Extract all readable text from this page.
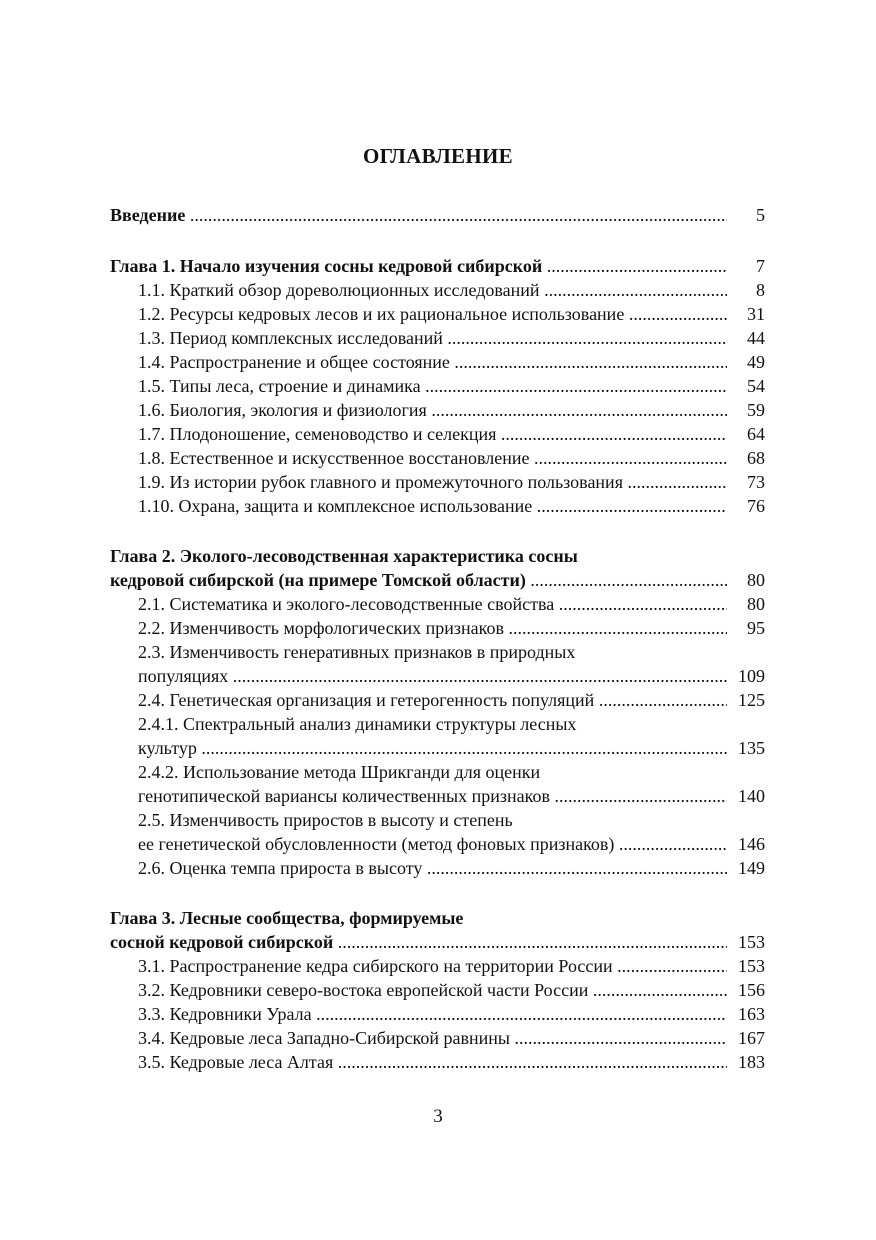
ОГЛАВЛЕНИЕ
Введение .....	5
Глава 1. Начало изучения сосны кедровой сибирской .....	7
1.1. Краткий обзор дореволюционных исследований .....	8
1.2. Ресурсы кедровых лесов и их рациональное использование .....	31
1.3. Период комплексных исследований .....	44
1.4. Распространение и общее состояние .....	49
1.5. Типы леса, строение и динамика .....	54
1.6. Биология, экология и физиология .....	59
1.7. Плодоношение, семеноводство и селекция .....	64
1.8. Естественное и искусственное восстановление .....	68
1.9. Из истории рубок главного и промежуточного пользования .....	73
1.10. Охрана, защита и комплексное использование .....	76
Глава 2. Эколого-лесоводственная характеристика сосны
кедровой сибирской (на примере Томской области) .....	80
2.1. Систематика и эколого-лесоводственные свойства .....	80
2.2. Изменчивость морфологических признаков .....	95
2.3. Изменчивость генеративных признаков в природных
популяциях .....	109
2.4. Генетическая организация и гетерогенность популяций .....	125
2.4.1. Спектральный анализ динамики структуры лесных
культур .....	135
2.4.2. Использование метода Шрикганди для оценки
генотипической варианcы количественных признаков .....	140
2.5. Изменчивость приростов в высоту и степень
ее генетической обусловленности (метод фоновых признаков) .....	146
2.6. Оценка темпа прироста в высоту .....	149
Глава 3. Лесные сообщества, формируемые
сосной кедровой сибирской .....	153
3.1. Распространение кедра сибирского на территории России .....	153
3.2. Кедровники северо-востока европейской части России .....	156
3.3. Кедровники Урала .....	163
3.4. Кедровые леса Западно-Сибирской равнины .....	167
3.5. Кедровые леса Алтая .....	183
3
